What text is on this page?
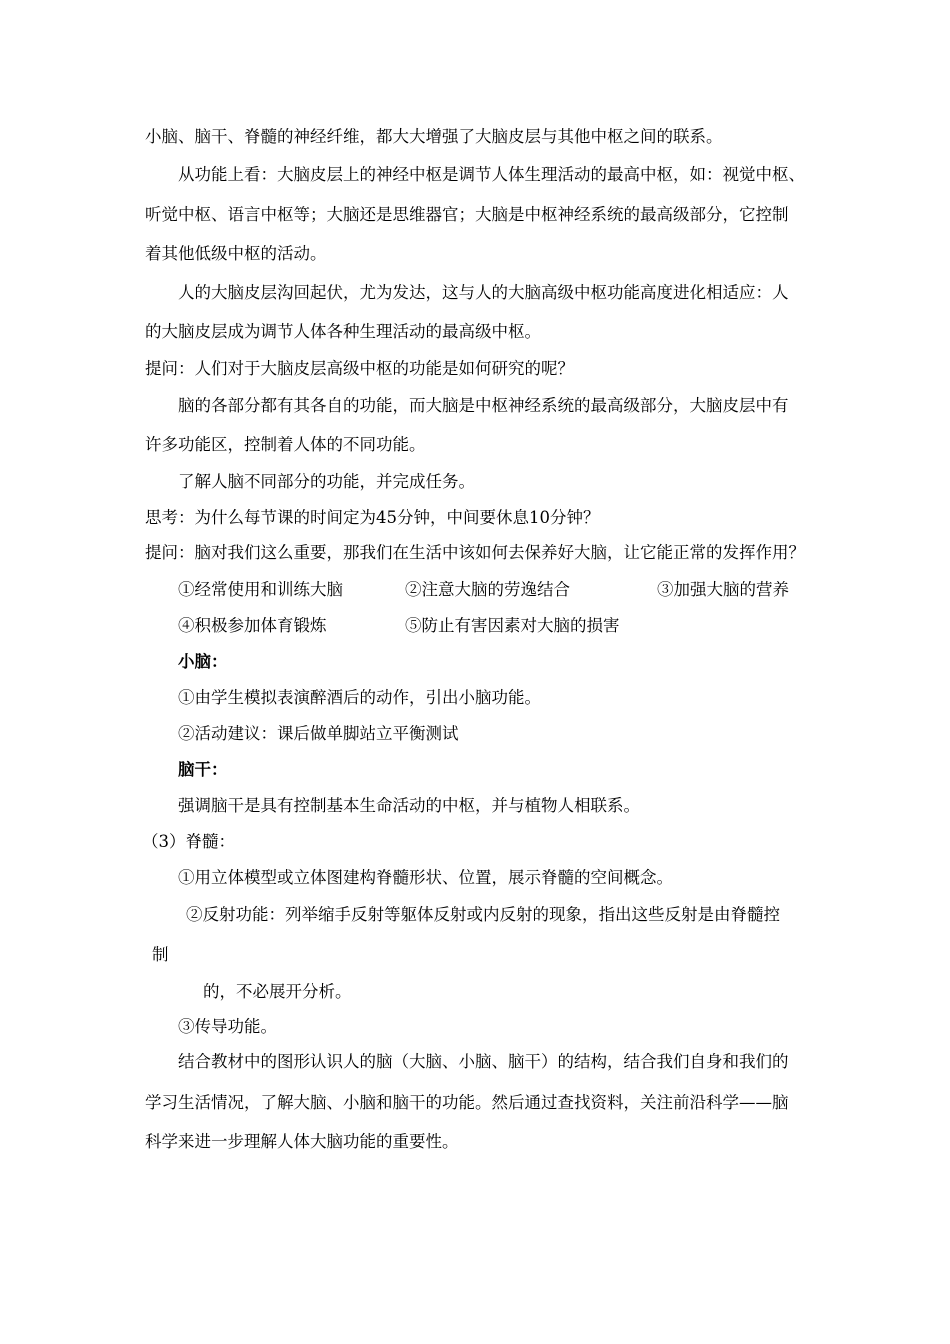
小脑、脑干、脊髓的神经纤维，都大大增强了大脑皮层与其他中枢之间的联系。
从功能上看：大脑皮层上的神经中枢是调节人体生理活动的最高中枢，如：视觉中枢、
听觉中枢、语言中枢等；大脑还是思维器官；大脑是中枢神经系统的最高级部分，它控制
着其他低级中枢的活动。
人的大脑皮层沟回起伏，尤为发达，这与人的大脑高级中枢功能高度进化相适应：人
的大脑皮层成为调节人体各种生理活动的最高级中枢。
提问：人们对于大脑皮层高级中枢的功能是如何研究的呢？
脑的各部分都有其各自的功能，而大脑是中枢神经系统的最高级部分，大脑皮层中有
许多功能区，控制着人体的不同功能。
了解人脑不同部分的功能，并完成任务。
思考：为什么每节课的时间定为45分钟，中间要休息10分钟？
提问：脑对我们这么重要，那我们在生活中该如何去保养好大脑，让它能正常的发挥作用？
①经常使用和训练大脑	②注意大脑的劳逸结合	③加强大脑的营养
④积极参加体育锻炼	⑤防止有害因素对大脑的损害
小脑：
①由学生模拟表演醉酒后的动作，引出小脑功能。
②活动建议：课后做单脚站立平衡测试
脑干：
强调脑干是具有控制基本生命活动的中枢，并与植物人相联系。
（3）脊髓：
①用立体模型或立体图建构脊髓形状、位置，展示脊髓的空间概念。
②反射功能：列举缩手反射等躯体反射或内反射的现象，指出这些反射是由脊髓控
制
的，不必展开分析。
③传导功能。
结合教材中的图形认识人的脑（大脑、小脑、脑干）的结构，结合我们自身和我们的
学习生活情况，了解大脑、小脑和脑干的功能。然后通过查找资料，关注前沿科学——脑
科学来进一步理解人体大脑功能的重要性。
